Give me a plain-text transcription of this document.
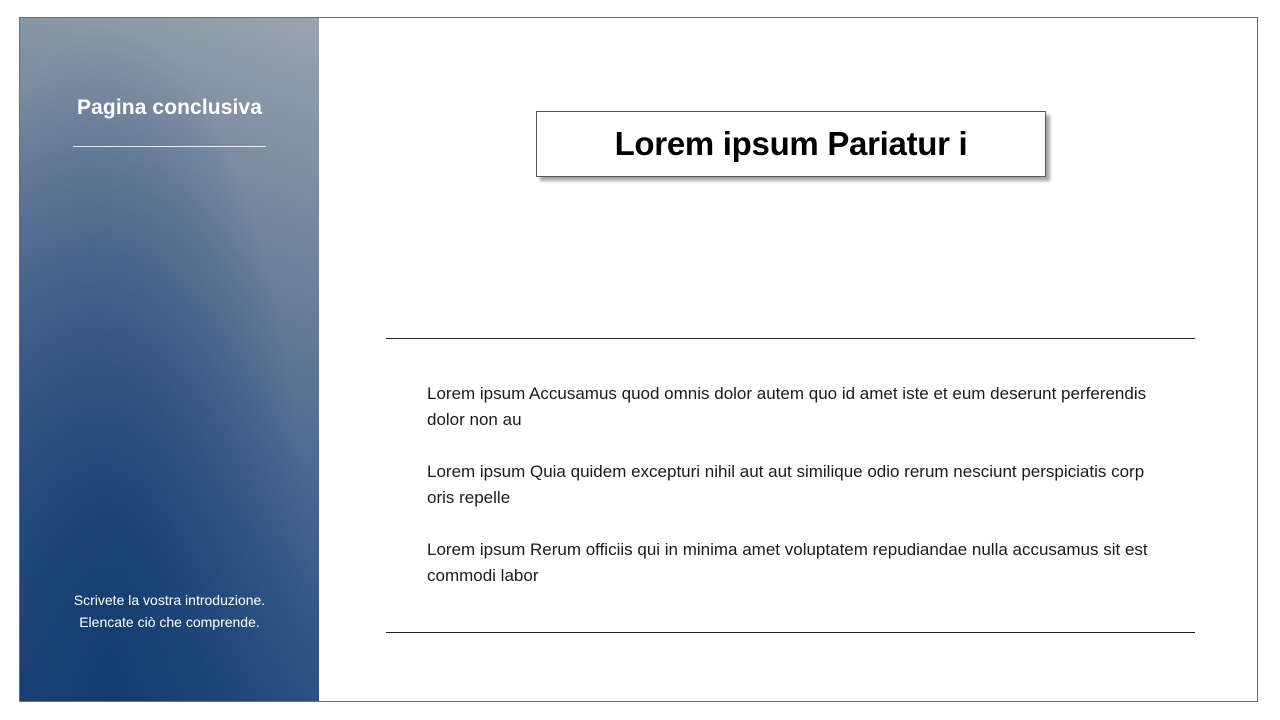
Pagina conclusiva
Scrivete la vostra introduzione.
Elencate ciò che comprende.
Lorem ipsum Pariatur i

Lorem ipsum Accusamus quod omnis dolor autem quo id amet iste et eum deserunt perferendis dolor non au

Lorem ipsum Quia quidem excepturi nihil aut aut similique odio rerum nesciunt perspiciatis corp oris repelle

Lorem ipsum Rerum officiis qui in minima amet voluptatem repudiandae nulla accusamus sit est commodi labor
